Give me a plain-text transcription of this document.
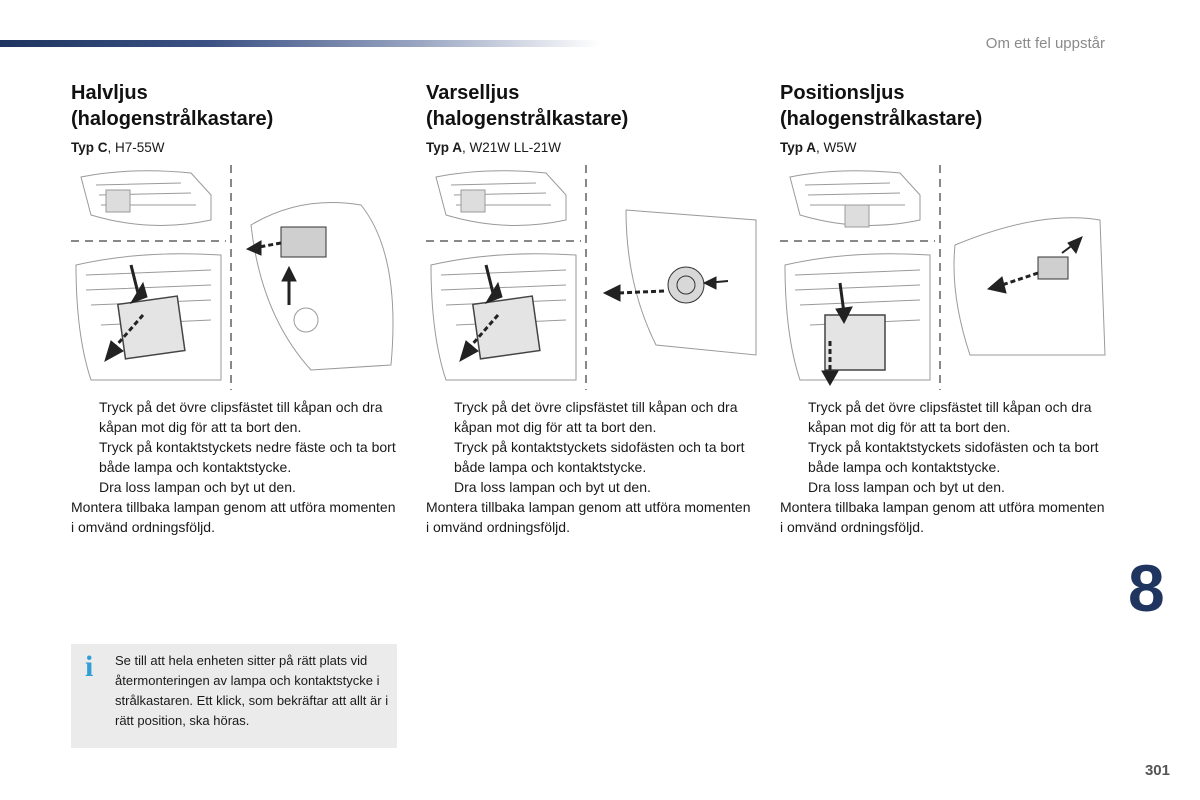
Om ett fel uppstår
Halvljus
(halogenstrålkastare)
Typ C, H7-55W
Varselljus
(halogenstrålkastare)
Typ A, W21W LL-21W
Positionsljus
(halogenstrålkastare)
Typ A, W5W
Tryck på det övre clipsfästet till kåpan och dra kåpan mot dig för att ta bort den.
Tryck på kontaktstyckets nedre fäste och ta bort både lampa och kontaktstycke.
Dra loss lampan och byt ut den.

Montera tillbaka lampan genom att utföra momenten i omvänd ordningsföljd.

Tryck på det övre clipsfästet till kåpan och dra kåpan mot dig för att ta bort den.
Tryck på kontaktstyckets sidofästen och ta bort både lampa och kontaktstycke.
Dra loss lampan och byt ut den.

Montera tillbaka lampan genom att utföra momenten i omvänd ordningsföljd.

Tryck på det övre clipsfästet till kåpan och dra kåpan mot dig för att ta bort den.
Tryck på kontaktstyckets sidofästen och ta bort både lampa och kontaktstycke.
Dra loss lampan och byt ut den.

Montera tillbaka lampan genom att utföra momenten i omvänd ordningsföljd.

i Se till att hela enheten sitter på rätt plats vid återmonteringen av lampa och kontaktstycke i strålkastaren. Ett klick, som bekräftar att allt är i rätt position, ska höras.
8
301
